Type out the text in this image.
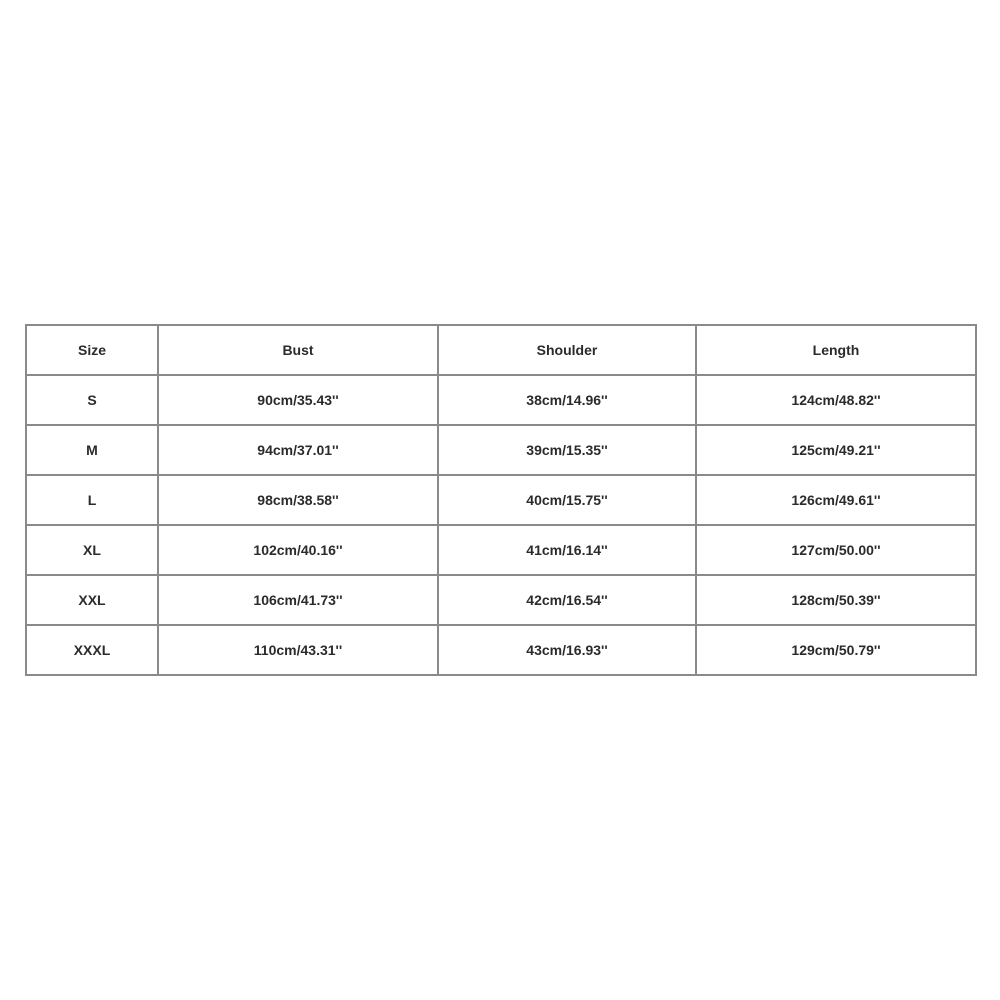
Size	Bust	Shoulder	Length
S	90cm/35.43''	38cm/14.96''	124cm/48.82''
M	94cm/37.01''	39cm/15.35''	125cm/49.21''
L	98cm/38.58''	40cm/15.75''	126cm/49.61''
XL	102cm/40.16''	41cm/16.14''	127cm/50.00''
XXL	106cm/41.73''	42cm/16.54''	128cm/50.39''
XXXL	110cm/43.31''	43cm/16.93''	129cm/50.79''
